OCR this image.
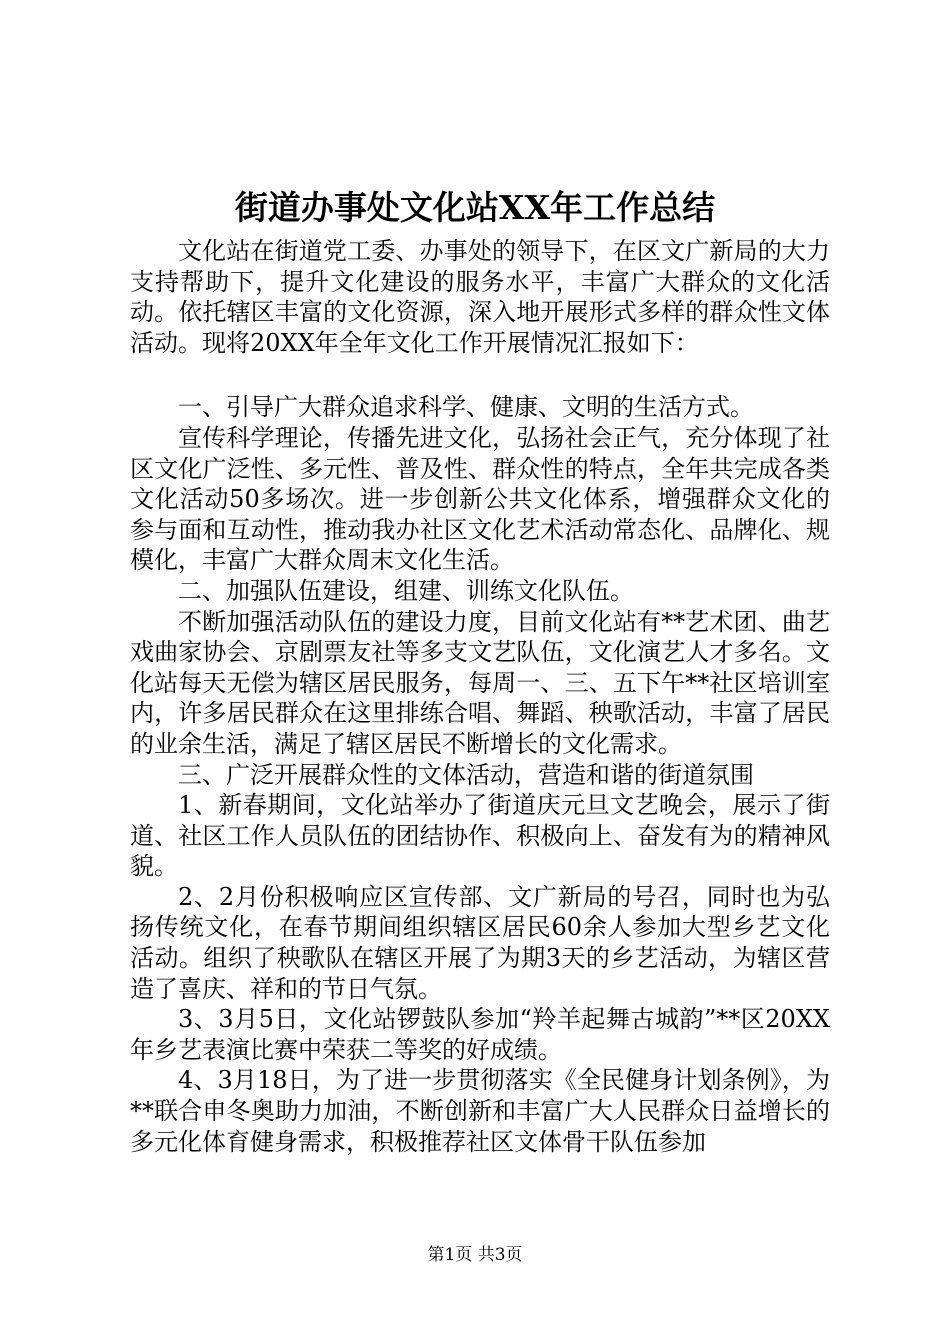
街道办事处文化站XX年工作总结

文化站在街道党工委、办事处的领导下，在区文广新局的大力支持帮助下，提升文化建设的服务水平，丰富广大群众的文化活动。依托辖区丰富的文化资源，深入地开展形式多样的群众性文体活动。现将20XX年全年文化工作开展情况汇报如下：

一、引导广大群众追求科学、健康、文明的生活方式。

宣传科学理论，传播先进文化，弘扬社会正气，充分体现了社区文化广泛性、多元性、普及性、群众性的特点，全年共完成各类文化活动50多场次。进一步创新公共文化体系，增强群众文化的参与面和互动性，推动我办社区文化艺术活动常态化、品牌化、规模化，丰富广大群众周末文化生活。

二、加强队伍建设，组建、训练文化队伍。

不断加强活动队伍的建设力度，目前文化站有**艺术团、曲艺戏曲家协会、京剧票友社等多支文艺队伍，文化演艺人才多名。文化站每天无偿为辖区居民服务，每周一、三、五下午**社区培训室内，许多居民群众在这里排练合唱、舞蹈、秧歌活动，丰富了居民的业余生活，满足了辖区居民不断增长的文化需求。

三、广泛开展群众性的文体活动，营造和谐的街道氛围

1、新春期间，文化站举办了街道庆元旦文艺晚会，展示了街道、社区工作人员队伍的团结协作、积极向上、奋发有为的精神风貌。

2、2月份积极响应区宣传部、文广新局的号召，同时也为弘扬传统文化，在春节期间组织辖区居民60余人参加大型乡艺文化活动。组织了秧歌队在辖区开展了为期3天的乡艺活动，为辖区营造了喜庆、祥和的节日气氛。

3、3月5日，文化站锣鼓队参加“羚羊起舞古城韵”**区20XX年乡艺表演比赛中荣获二等奖的好成绩。

4、3月18日，为了进一步贯彻落实《全民健身计划条例》，为**联合申冬奥助力加油，不断创新和丰富广大人民群众日益增长的多元化体育健身需求，积极推荐社区文体骨干队伍参加

第1页 共3页
